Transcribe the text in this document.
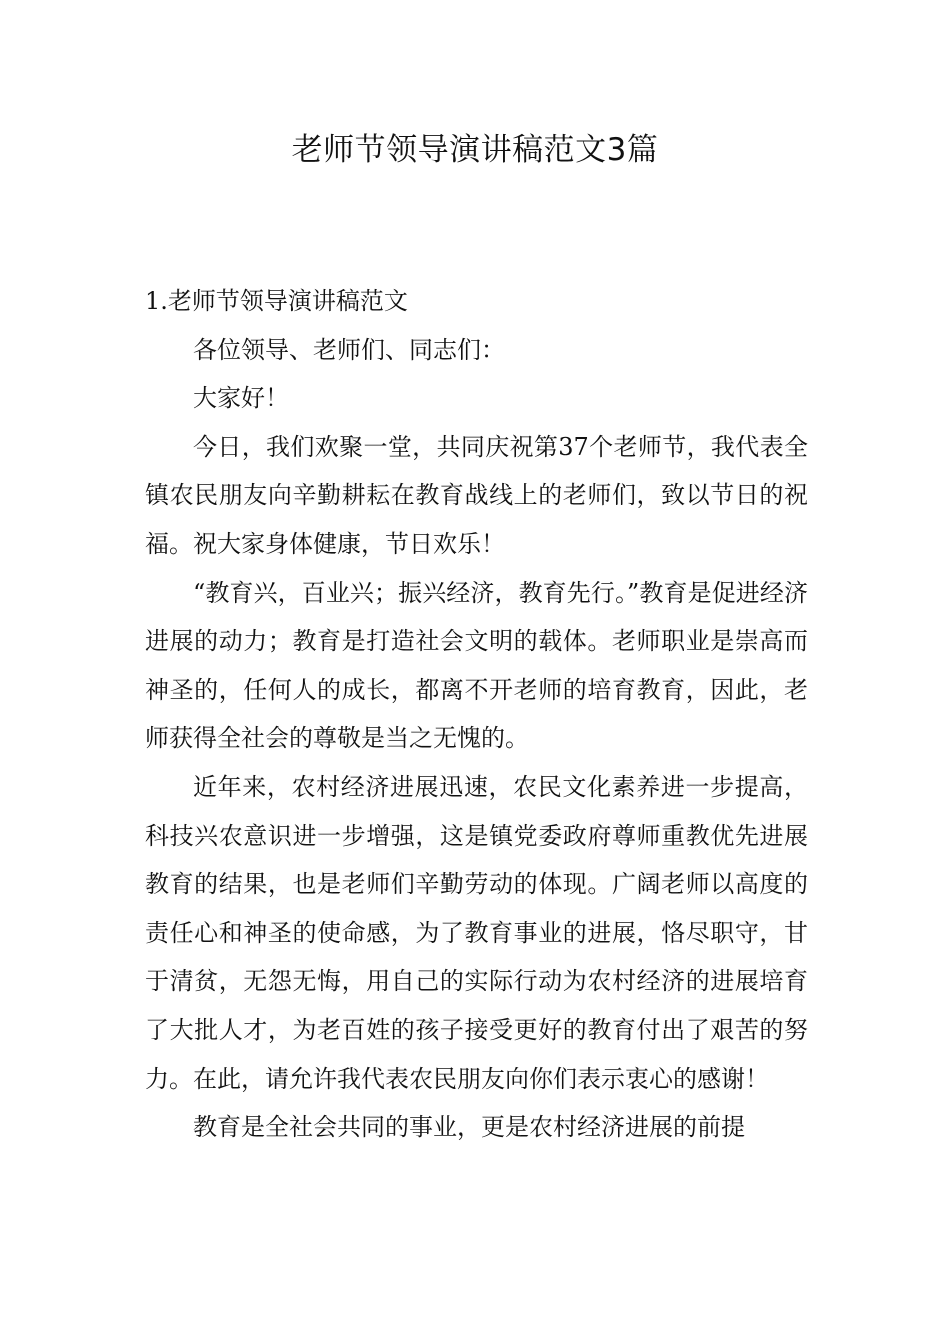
老师节领导演讲稿范文3篇

1.老师节领导演讲稿范文

各位领导、老师们、同志们：

大家好！

今日，我们欢聚一堂，共同庆祝第37个老师节，我代表全镇农民朋友向辛勤耕耘在教育战线上的老师们，致以节日的祝福。祝大家身体健康，节日欢乐！

“教育兴，百业兴；振兴经济，教育先行。”教育是促进经济进展的动力；教育是打造社会文明的载体。老师职业是崇高而神圣的，任何人的成长，都离不开老师的培育教育，因此，老师获得全社会的尊敬是当之无愧的。

近年来，农村经济进展迅速，农民文化素养进一步提高，科技兴农意识进一步增强，这是镇党委政府尊师重教优先进展教育的结果，也是老师们辛勤劳动的体现。广阔老师以高度的责任心和神圣的使命感，为了教育事业的进展，恪尽职守，甘于清贫，无怨无悔，用自己的实际行动为农村经济的进展培育了大批人才，为老百姓的孩子接受更好的教育付出了艰苦的努力。在此，请允许我代表农民朋友向你们表示衷心的感谢！

教育是全社会共同的事业，更是农村经济进展的前提
